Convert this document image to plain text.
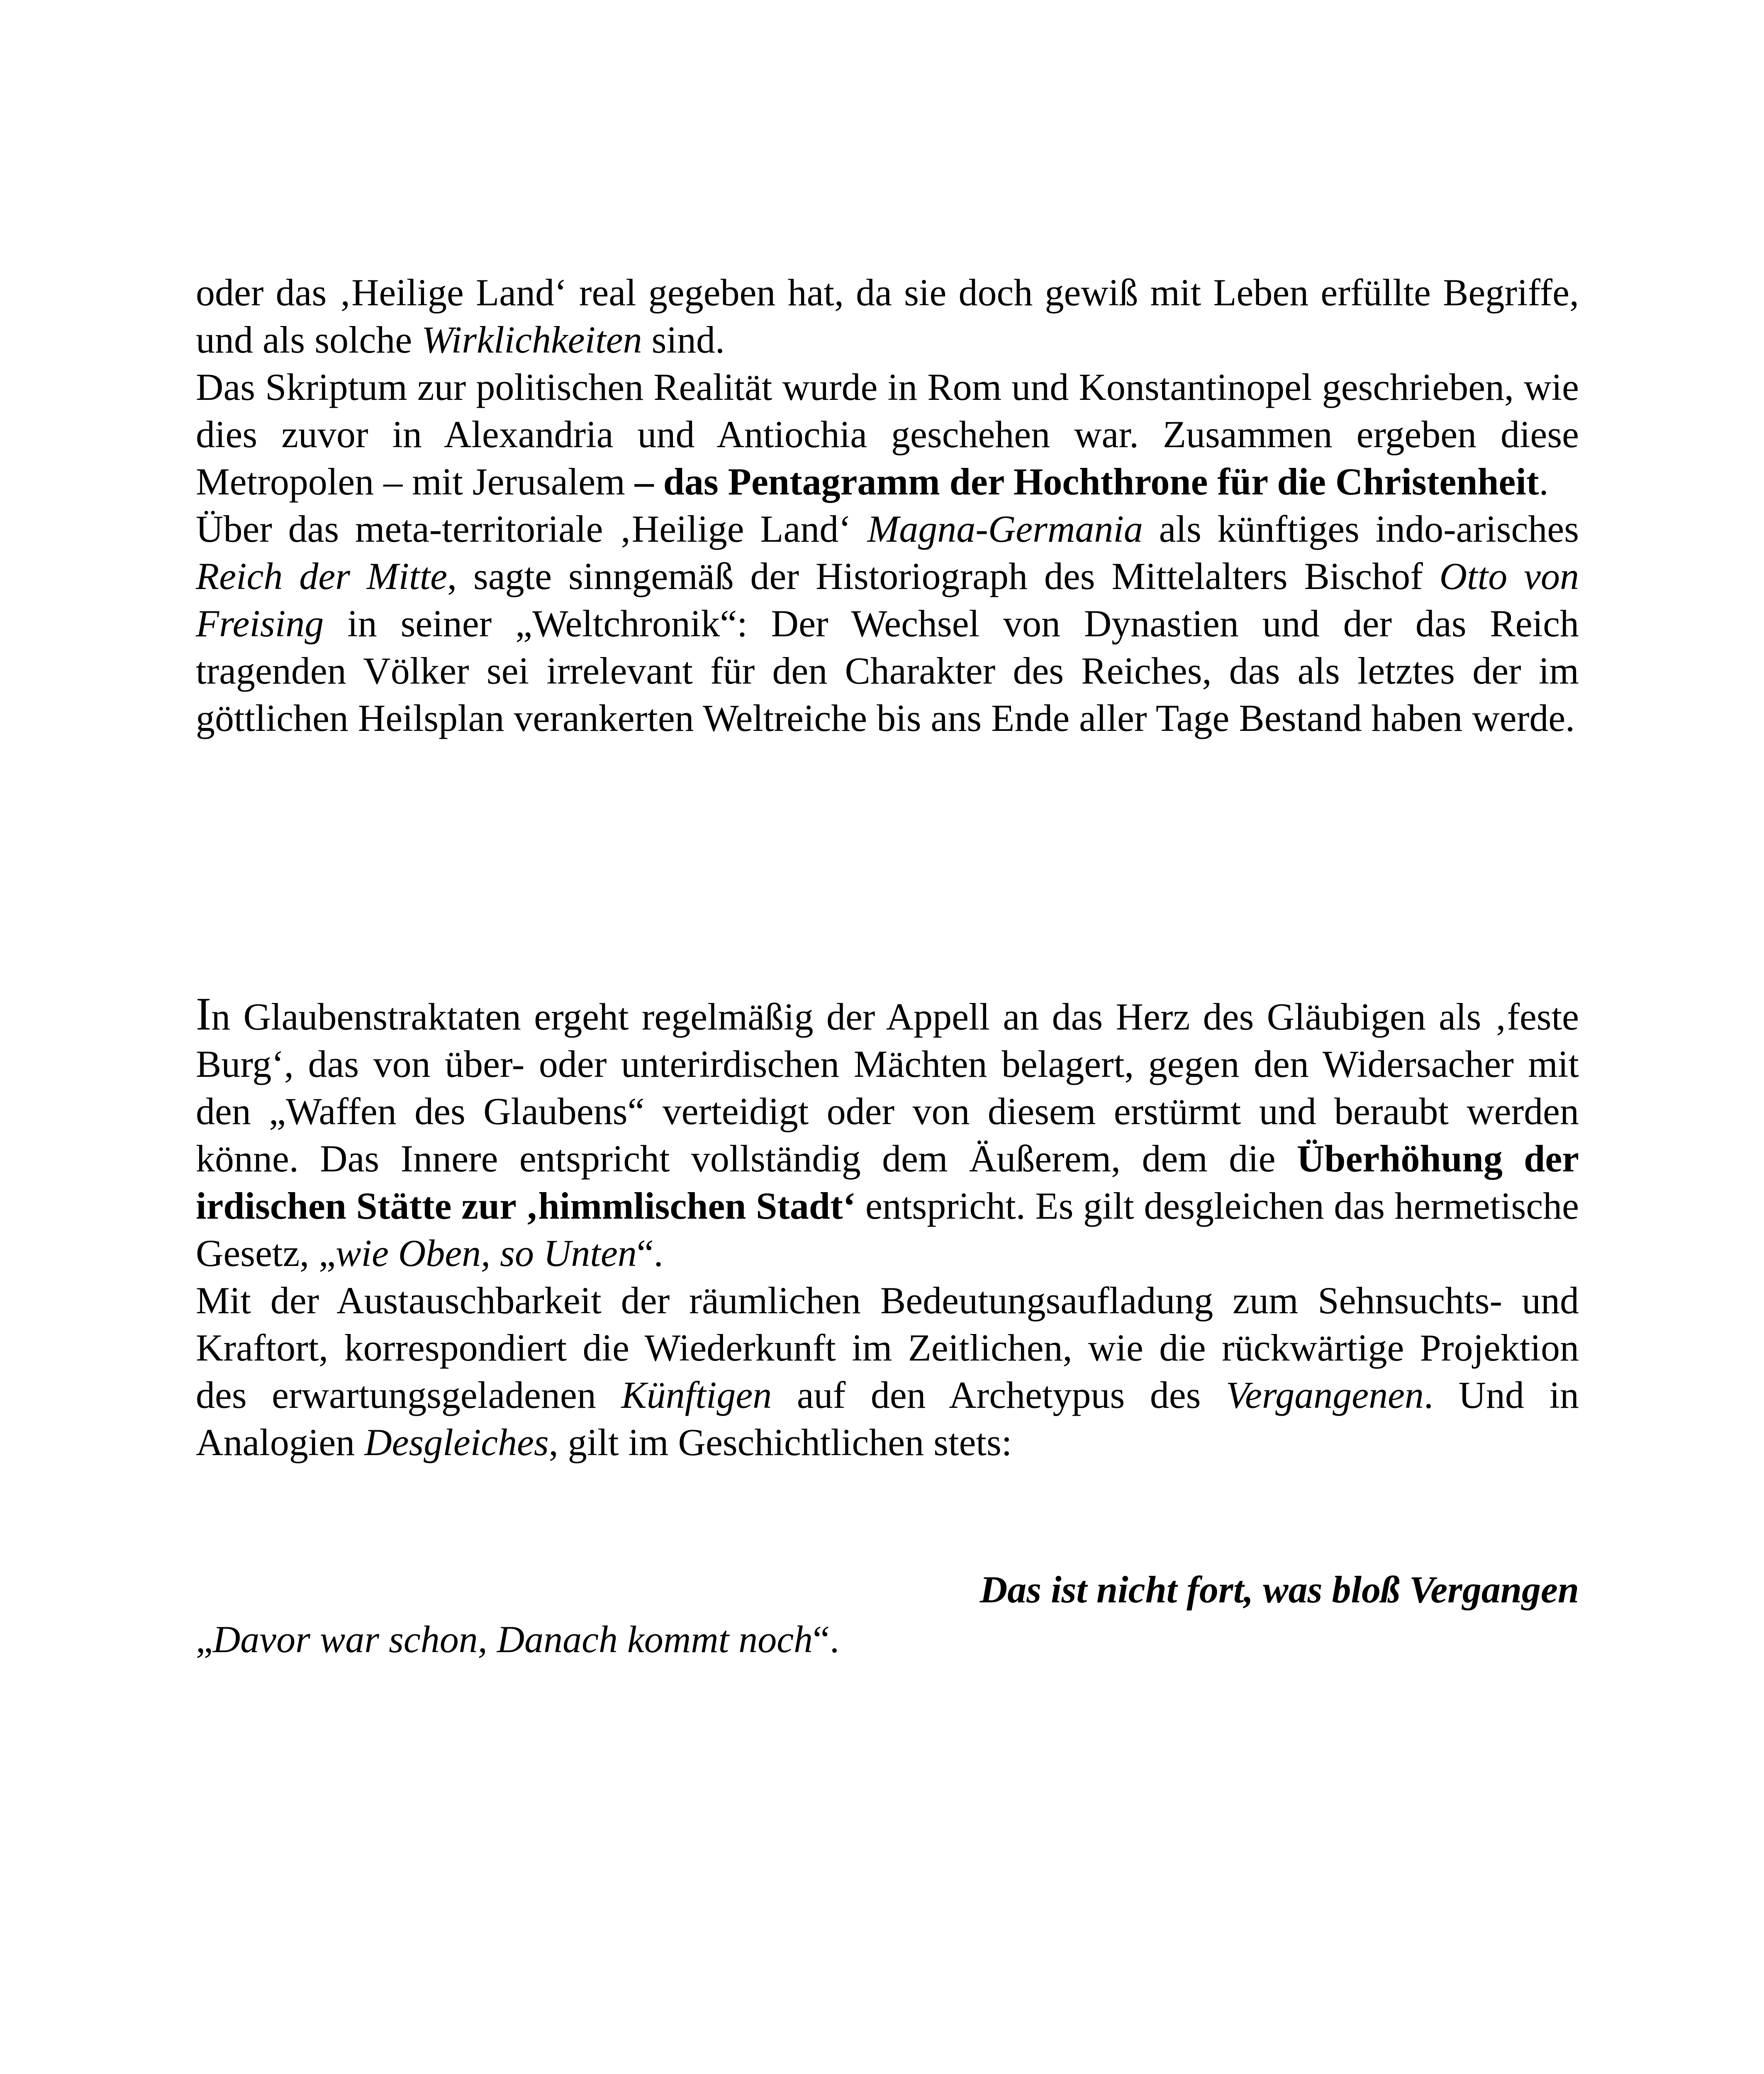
oder das ‚Heilige Land‘ real gegeben hat, da sie doch gewiß mit Leben erfüllte Begriffe, und als solche Wirklichkeiten sind.

Das Skriptum zur politischen Realität wurde in Rom und Konstantinopel geschrieben, wie dies zuvor in Alexandria und Antiochia geschehen war. Zusammen ergeben diese Metropolen – mit Jerusalem – das Pentagramm der Hochthrone für die Christenheit.

Über das meta-territoriale ‚Heilige Land‘ Magna-Germania als künftiges indo-arisches Reich der Mitte, sagte sinngemäß der Historiograph des Mittelalters Bischof Otto von Freising in seiner „Weltchronik“: Der Wechsel von Dynastien und der das Reich tragenden Völker sei irrelevant für den Charakter des Reiches, das als letztes der im göttlichen Heilsplan verankerten Weltreiche bis ans Ende aller Tage Bestand haben werde.

In Glaubenstraktaten ergeht regelmäßig der Appell an das Herz des Gläubigen als ‚feste Burg‘, das von über- oder unterirdischen Mächten belagert, gegen den Widersacher mit den „Waffen des Glaubens“ verteidigt oder von diesem erstürmt und beraubt werden könne. Das Innere entspricht vollständig dem Äußerem, dem die Überhöhung der irdischen Stätte zur ‚himmlischen Stadt‘ entspricht. Es gilt desgleichen das hermetische Gesetz, „wie Oben, so Unten“.

Mit der Austauschbarkeit der räumlichen Bedeutungsaufladung zum Sehnsuchts- und Kraftort, korrespondiert die Wiederkunft im Zeitlichen, wie die rückwärtige Projektion des erwartungsgeladenen Künftigen auf den Archetypus des Vergangenen. Und in Analogien Desgleiches, gilt im Geschichtlichen stets:

Das ist nicht fort, was bloß Vergangen
„Davor war schon, Danach kommt noch“.
